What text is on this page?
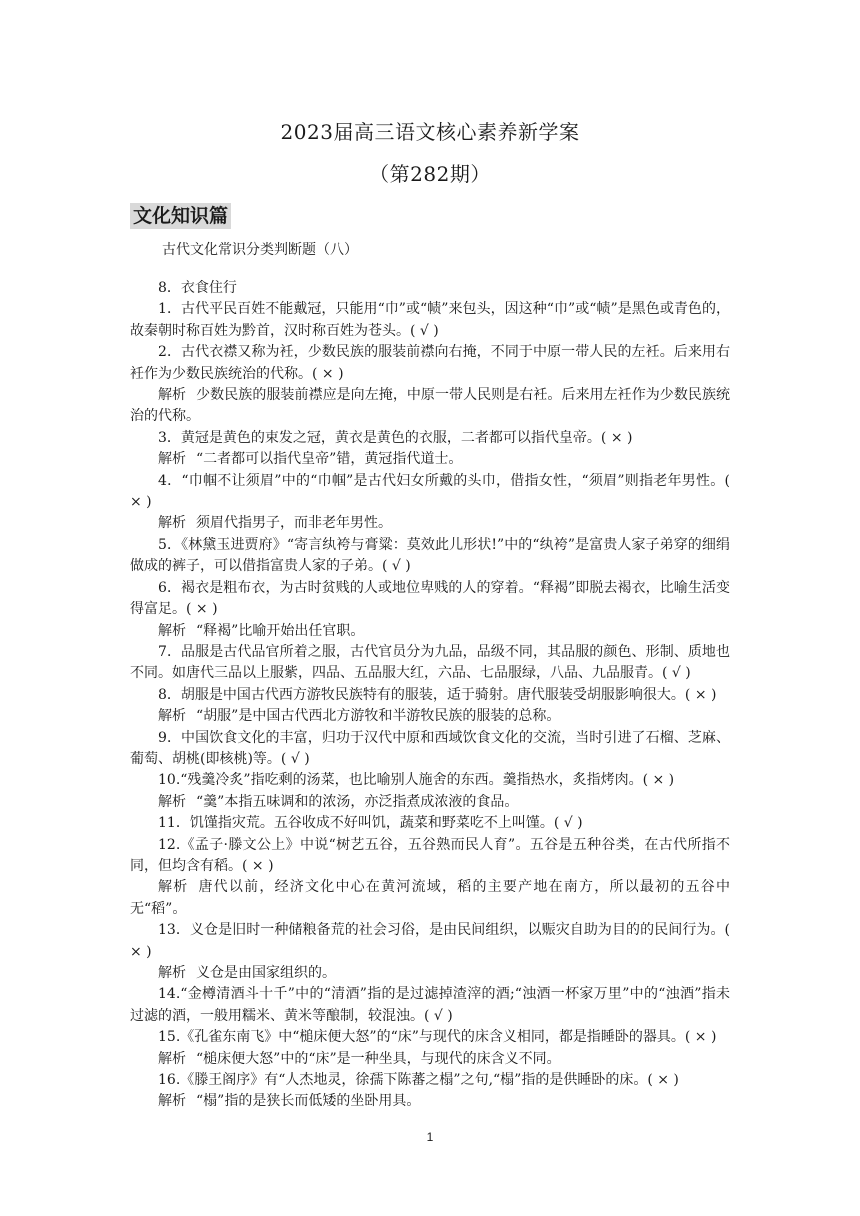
2023届高三语文核心素养新学案
（第282期）
文化知识篇
古代文化常识分类判断题（八）

8．衣食住行

1．古代平民百姓不能戴冠，只能用“巾”或“帻”来包头，因这种“巾”或“帻”是黑色或青色的，故秦朝时称百姓为黔首，汉时称百姓为苍头。( √ )

2．古代衣襟又称为衽，少数民族的服装前襟向右掩，不同于中原一带人民的左衽。后来用右衽作为少数民族统治的代称。( × )

解析 少数民族的服装前襟应是向左掩，中原一带人民则是右衽。后来用左衽作为少数民族统治的代称。

3．黄冠是黄色的束发之冠，黄衣是黄色的衣服，二者都可以指代皇帝。( × )

解析 “二者都可以指代皇帝”错，黄冠指代道士。

4．“巾帼不让须眉”中的“巾帼”是古代妇女所戴的头巾，借指女性，“须眉”则指老年男性。( × )

解析 须眉代指男子，而非老年男性。

5．《林黛玉进贾府》“寄言纨袴与膏粱：莫效此儿形状!”中的“纨袴”是富贵人家子弟穿的细绢做成的裤子，可以借指富贵人家的子弟。( √ )

6．褐衣是粗布衣，为古时贫贱的人或地位卑贱的人的穿着。“释褐”即脱去褐衣，比喻生活变得富足。( × )

解析 “释褐”比喻开始出任官职。

7．品服是古代品官所着之服，古代官员分为九品，品级不同，其品服的颜色、形制、质地也不同。如唐代三品以上服紫，四品、五品服大红，六品、七品服绿，八品、九品服青。( √ )

8．胡服是中国古代西方游牧民族特有的服装，适于骑射。唐代服装受胡服影响很大。( × )

解析 “胡服”是中国古代西北方游牧和半游牧民族的服装的总称。

9．中国饮食文化的丰富，归功于汉代中原和西域饮食文化的交流，当时引进了石榴、芝麻、葡萄、胡桃(即核桃)等。( √ )

10.“残羹冷炙”指吃剩的汤菜，也比喻别人施舍的东西。羹指热水，炙指烤肉。( × )

解析 “羹”本指五味调和的浓汤，亦泛指煮成浓液的食品。

11．饥馑指灾荒。五谷收成不好叫饥，蔬菜和野菜吃不上叫馑。( √ )

12.《孟子·滕文公上》中说“树艺五谷，五谷熟而民人育”。五谷是五种谷类，在古代所指不同，但均含有稻。( × )

解析 唐代以前，经济文化中心在黄河流域，稻的主要产地在南方，所以最初的五谷中无“稻”。

13．义仓是旧时一种储粮备荒的社会习俗，是由民间组织，以赈灾自助为目的的民间行为。( × )

解析 义仓是由国家组织的。

14.“金樽清酒斗十千”中的“清酒”指的是过滤掉渣滓的酒;“浊酒一杯家万里”中的“浊酒”指未过滤的酒，一般用糯米、黄米等酿制，较混浊。( √ )

15.《孔雀东南飞》中“槌床便大怒”的“床”与现代的床含义相同，都是指睡卧的器具。( × )

解析 “槌床便大怒”中的“床”是一种坐具，与现代的床含义不同。

16.《滕王阁序》有“人杰地灵，徐孺下陈蕃之榻”之句,“榻”指的是供睡卧的床。( × )

解析 “榻”指的是狭长而低矮的坐卧用具。

1
